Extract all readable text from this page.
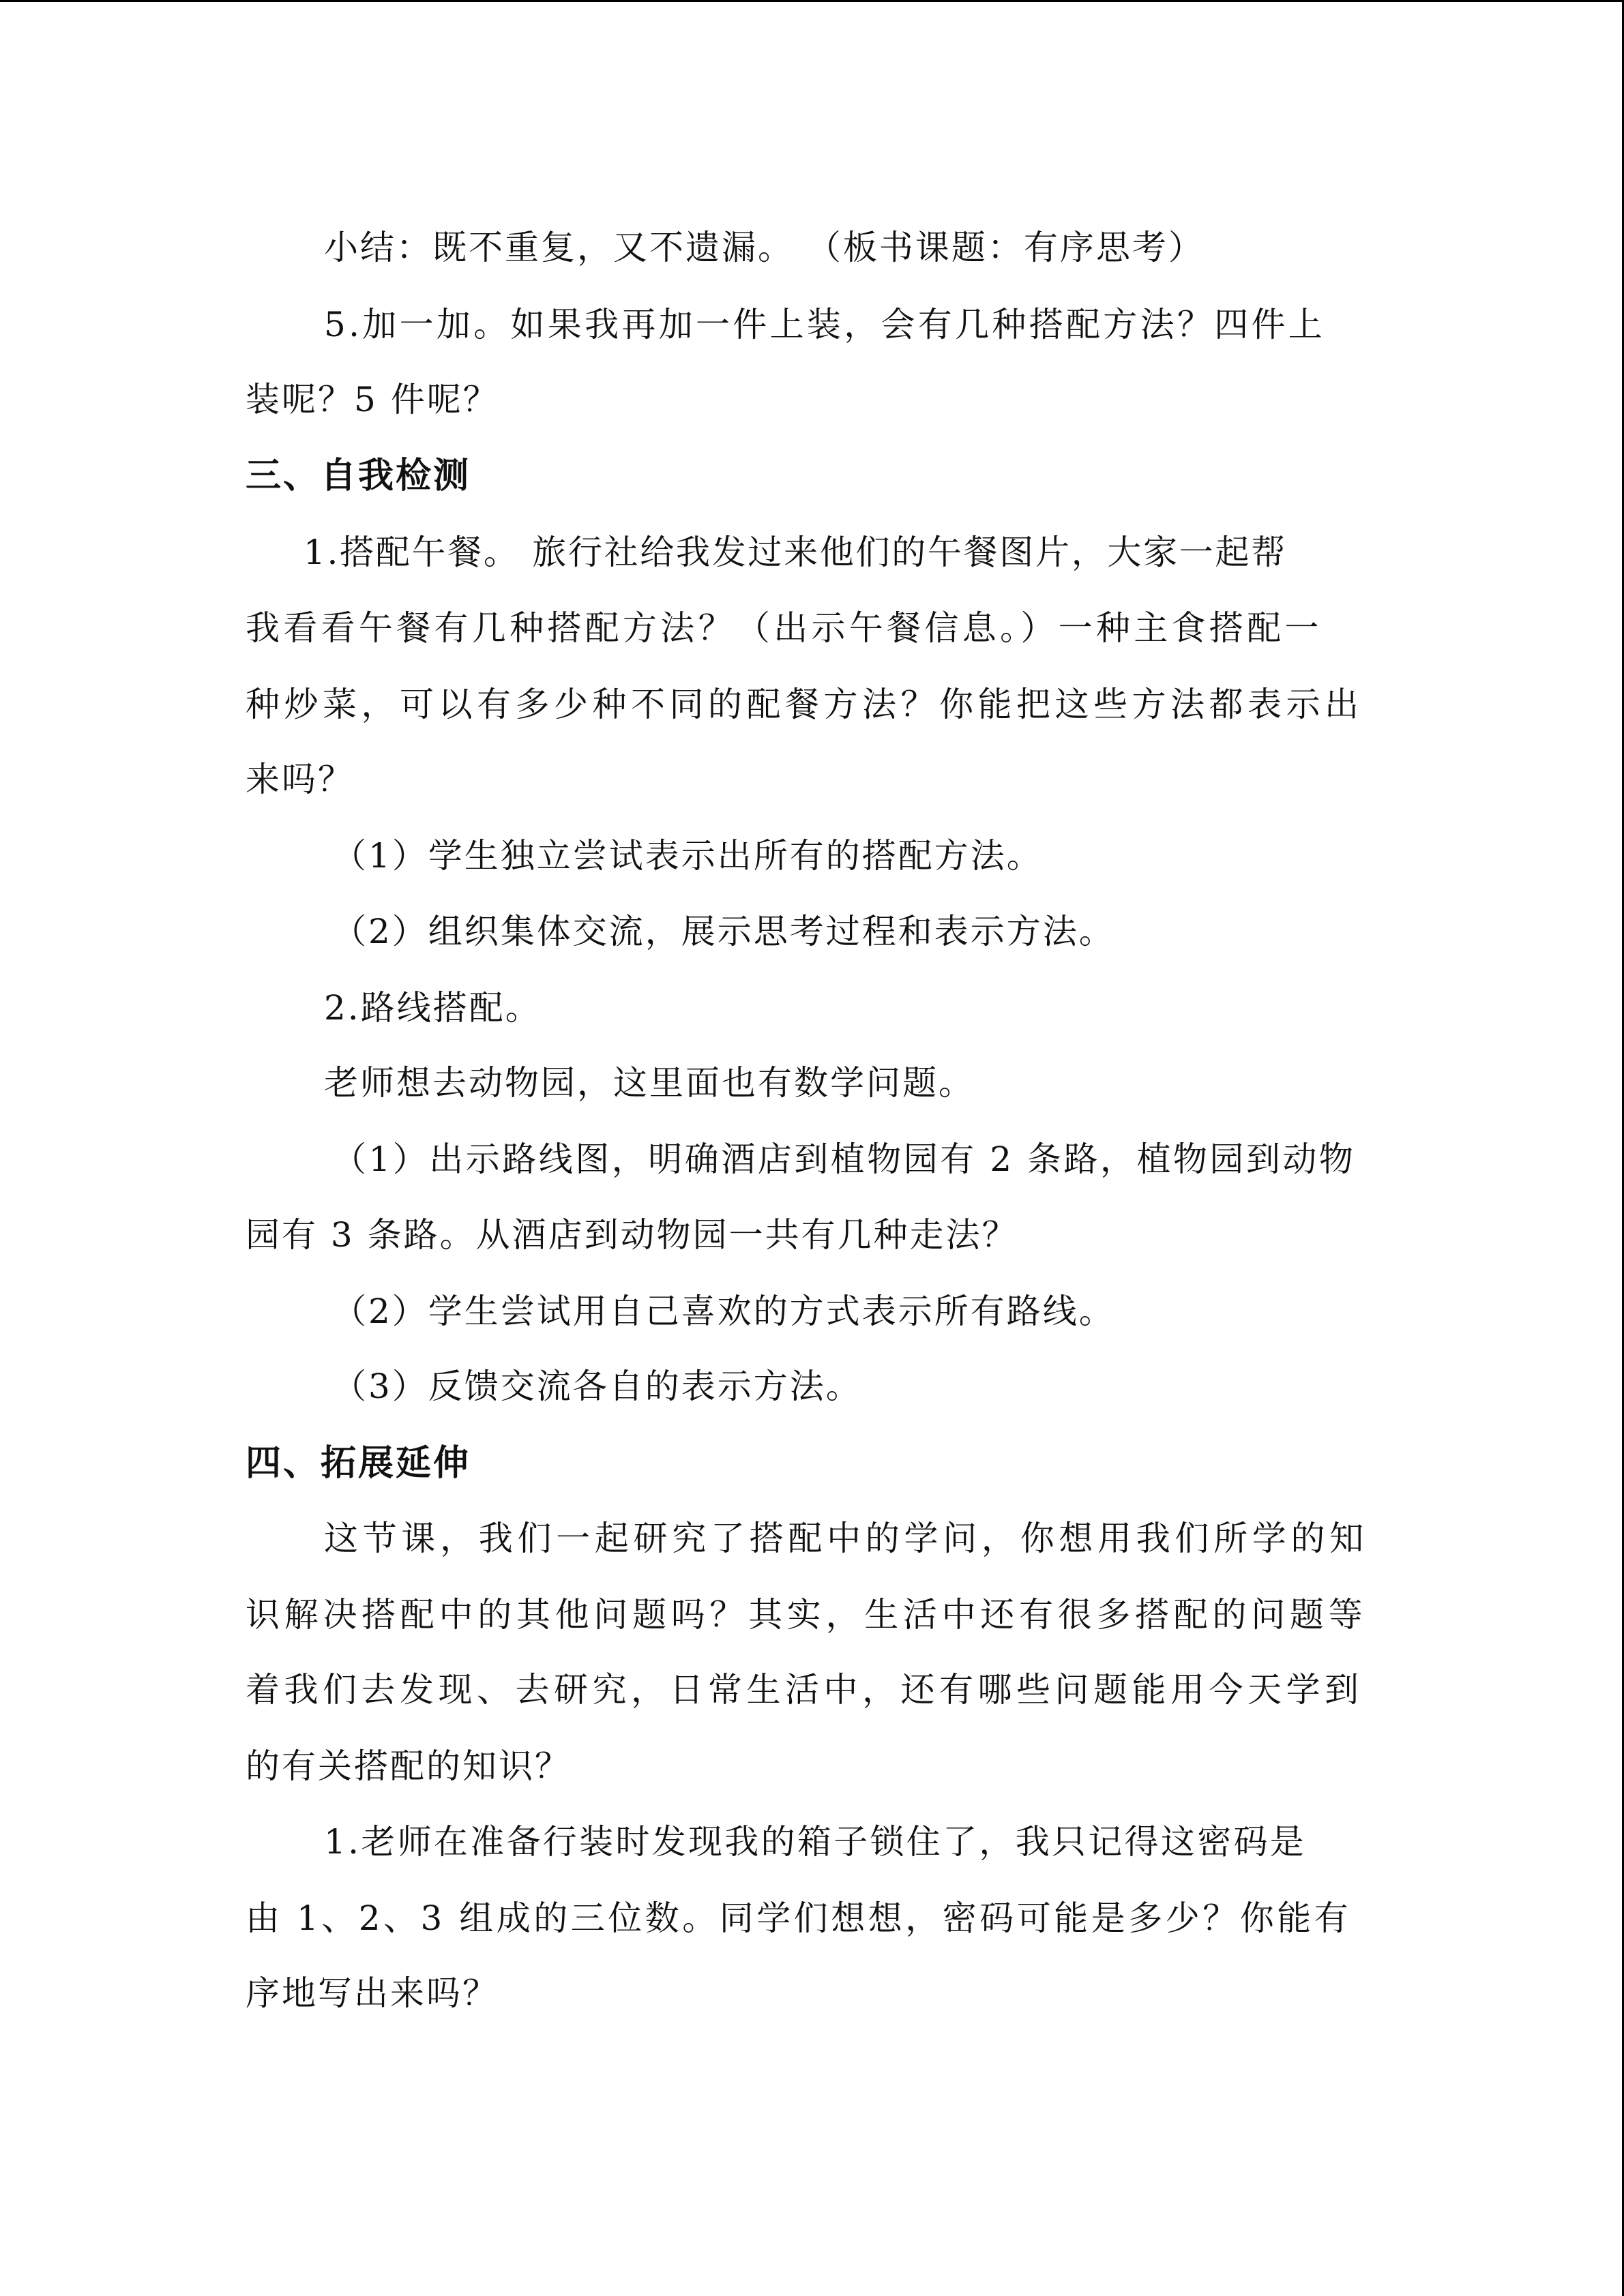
小结：既不重复，又不遗漏。 （板书课题：有序思考）
5.加一加。如果我再加一件上装，会有几种搭配方法？四件上
装呢？5 件呢？
三、自我检测
1.搭配午餐。 旅行社给我发过来他们的午餐图片，大家一起帮
我看看午餐有几种搭配方法？（出示午餐信息。）一种主食搭配一
种炒菜，可以有多少种不同的配餐方法？你能把这些方法都表示出
来吗？
（1）学生独立尝试表示出所有的搭配方法。
（2）组织集体交流，展示思考过程和表示方法。
2.路线搭配。
老师想去动物园，这里面也有数学问题。
（1）出示路线图，明确酒店到植物园有 2 条路，植物园到动物
园有 3 条路。从酒店到动物园一共有几种走法？
（2）学生尝试用自己喜欢的方式表示所有路线。
（3）反馈交流各自的表示方法。
四、拓展延伸
这节课，我们一起研究了搭配中的学问，你想用我们所学的知
识解决搭配中的其他问题吗？其实，生活中还有很多搭配的问题等
着我们去发现、去研究，日常生活中，还有哪些问题能用今天学到
的有关搭配的知识？
1.老师在准备行装时发现我的箱子锁住了，我只记得这密码是
由 1、2、3 组成的三位数。同学们想想，密码可能是多少？你能有
序地写出来吗？
